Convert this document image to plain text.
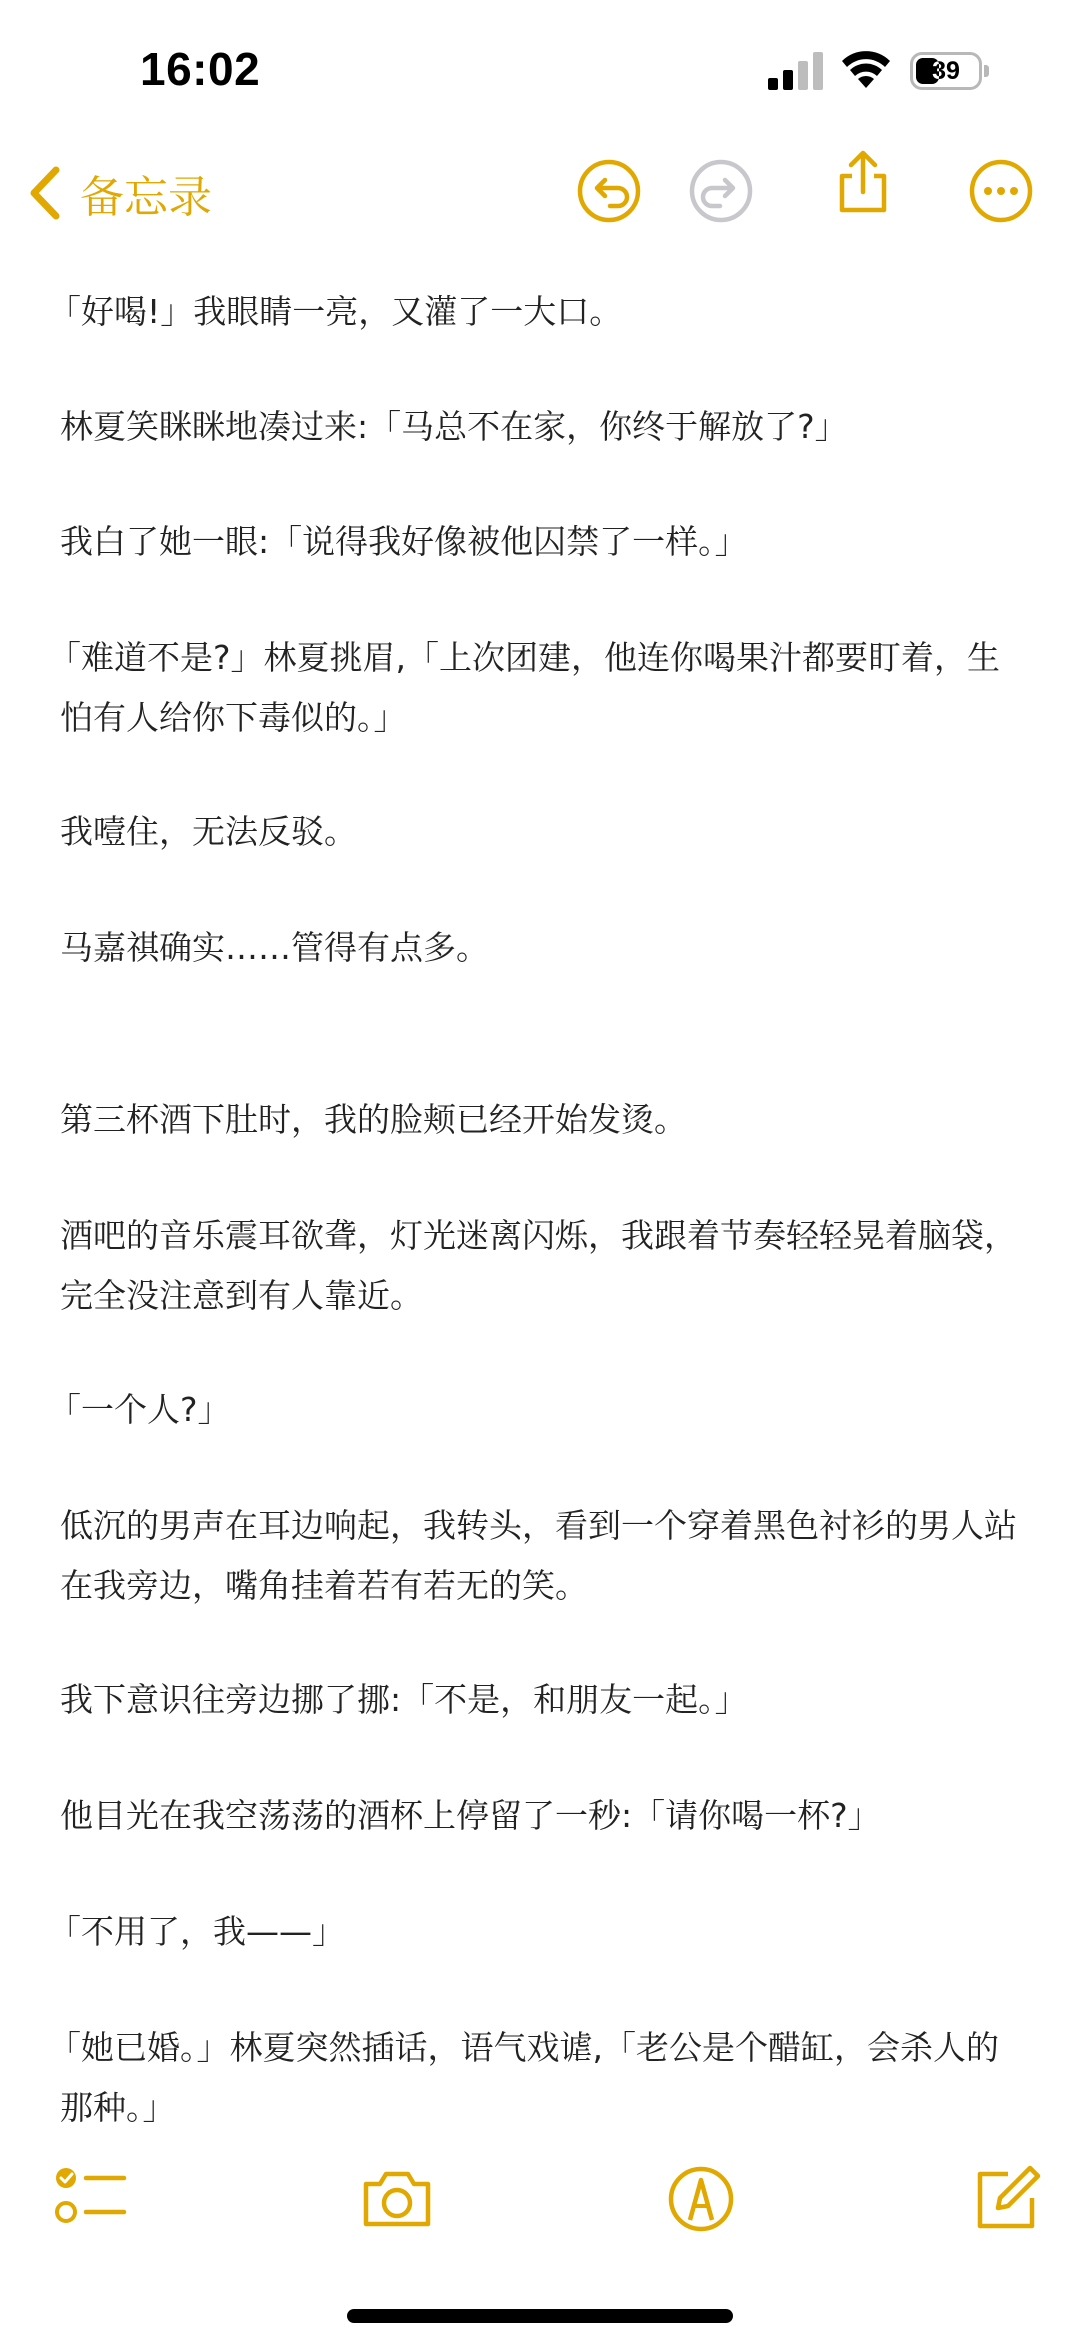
16:02	39
备忘录

「好喝!」我眼睛一亮，又灌了一大口。

林夏笑眯眯地凑过来:「马总不在家，你终于解放了?」

我白了她一眼:「说得我好像被他囚禁了一样。」

「难道不是?」林夏挑眉,「上次团建，他连你喝果汁都要盯着，生怕有人给你下毒似的。」

我噎住，无法反驳。

马嘉祺确实……管得有点多。

第三杯酒下肚时，我的脸颊已经开始发烫。

酒吧的音乐震耳欲聋，灯光迷离闪烁，我跟着节奏轻轻晃着脑袋，完全没注意到有人靠近。

「一个人?」

低沉的男声在耳边响起，我转头，看到一个穿着黑色衬衫的男人站在我旁边，嘴角挂着若有若无的笑。

我下意识往旁边挪了挪:「不是，和朋友一起。」

他目光在我空荡荡的酒杯上停留了一秒:「请你喝一杯?」

「不用了，我——」

「她已婚。」林夏突然插话，语气戏谑,「老公是个醋缸，会杀人的那种。」
